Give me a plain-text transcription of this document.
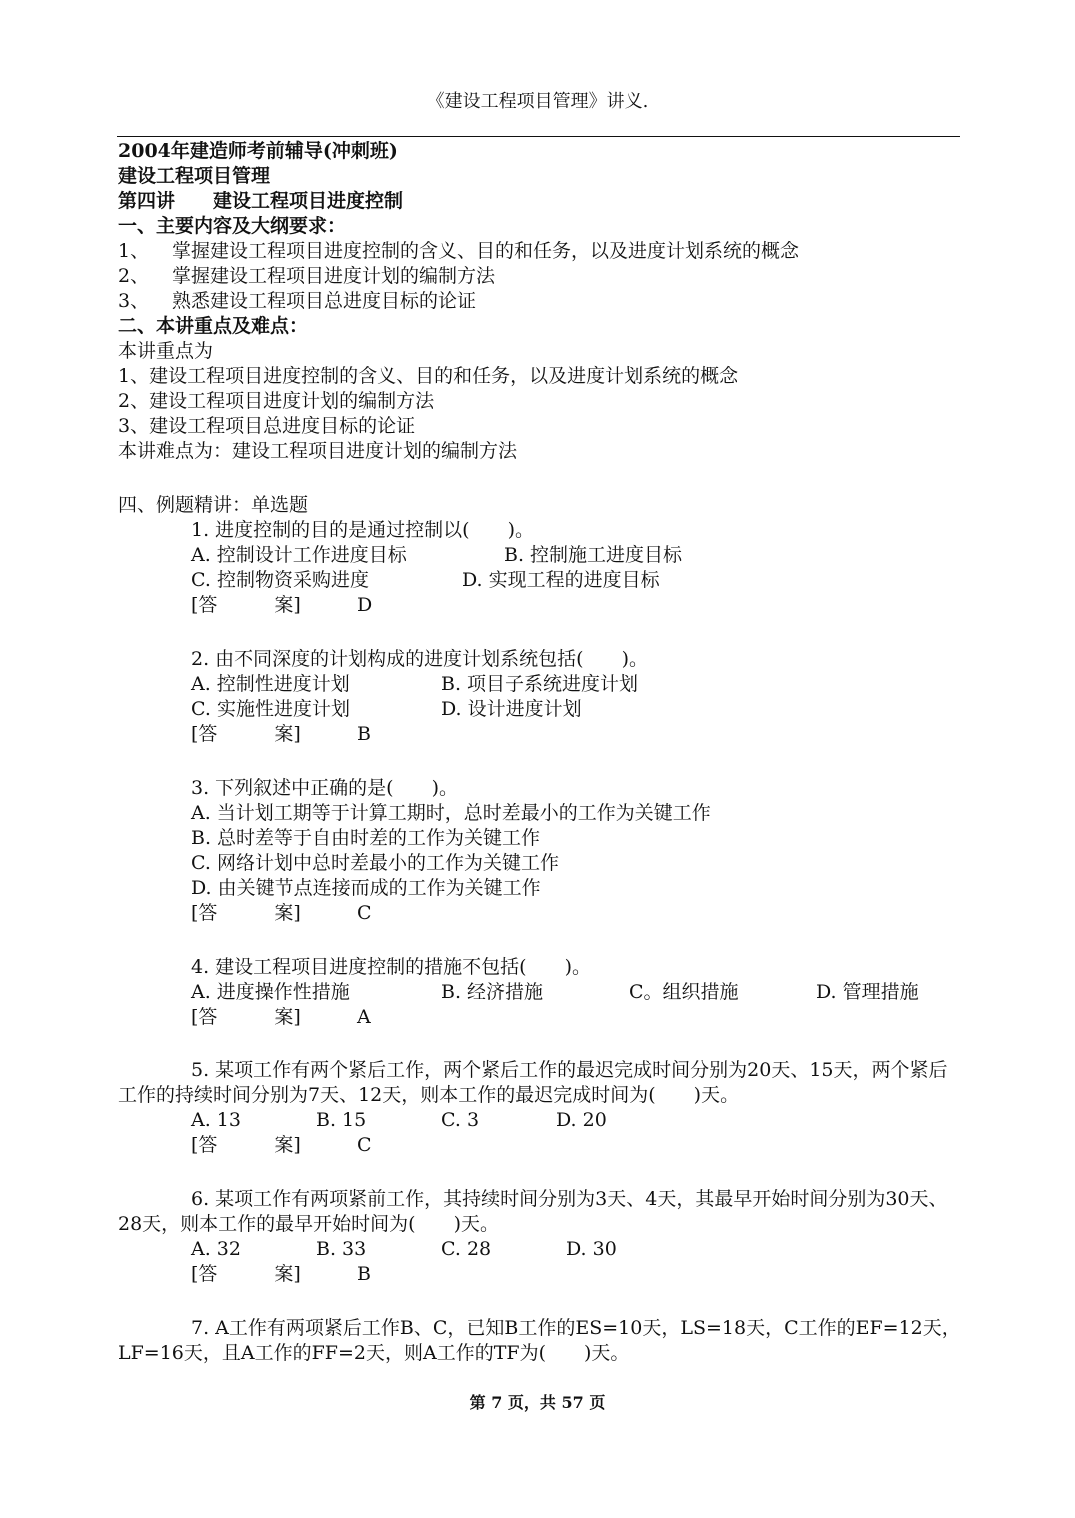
《建设工程项目管理》讲义.
2004年建造师考前辅导(冲刺班)
建设工程项目管理
第四讲　　建设工程项目进度控制
一、主要内容及大纲要求：
1、 掌握建设工程项目进度控制的含义、目的和任务，以及进度计划系统的概念
2、 掌握建设工程项目进度计划的编制方法
3、 熟悉建设工程项目总进度目标的论证
二、本讲重点及难点：
本讲重点为
1、建设工程项目进度控制的含义、目的和任务，以及进度计划系统的概念
2、建设工程项目进度计划的编制方法
3、建设工程项目总进度目标的论证
本讲难点为：建设工程项目进度计划的编制方法
四、例题精讲：单选题
1. 进度控制的目的是通过控制以(　　)。
A. 控制设计工作进度目标	B. 控制施工进度目标
C. 控制物资采购进度	D. 实现工程的进度目标
[答　　　案]	D
2. 由不同深度的计划构成的进度计划系统包括(　　)。
A. 控制性进度计划	B. 项目子系统进度计划
C. 实施性进度计划	D. 设计进度计划
[答　　　案]	B
3. 下列叙述中正确的是(　　)。
A. 当计划工期等于计算工期时，总时差最小的工作为关键工作
B. 总时差等于自由时差的工作为关键工作
C. 网络计划中总时差最小的工作为关键工作
D. 由关键节点连接而成的工作为关键工作
[答　　　案]	C
4. 建设工程项目进度控制的措施不包括(　　)。
A. 进度操作性措施	B. 经济措施	C。组织措施	D. 管理措施
[答　　　案]	A
5. 某项工作有两个紧后工作，两个紧后工作的最迟完成时间分别为20天、15天，两个紧后工作的持续时间分别为7天、12天，则本工作的最迟完成时间为(　　)天。
A. 13	B. 15	C. 3	D. 20
[答　　　案]	C
6. 某项工作有两项紧前工作，其持续时间分别为3天、4天，其最早开始时间分别为30天、28天，则本工作的最早开始时间为(　　)天。
A. 32	B. 33	C. 28	D. 30
[答　　　案]	B
7. A工作有两项紧后工作B、C，已知B工作的ES=10天，LS=18天，C工作的EF=12天，LF=16天，且A工作的FF=2天，则A工作的TF为(　　)天。
第 7 页，共 57 页
